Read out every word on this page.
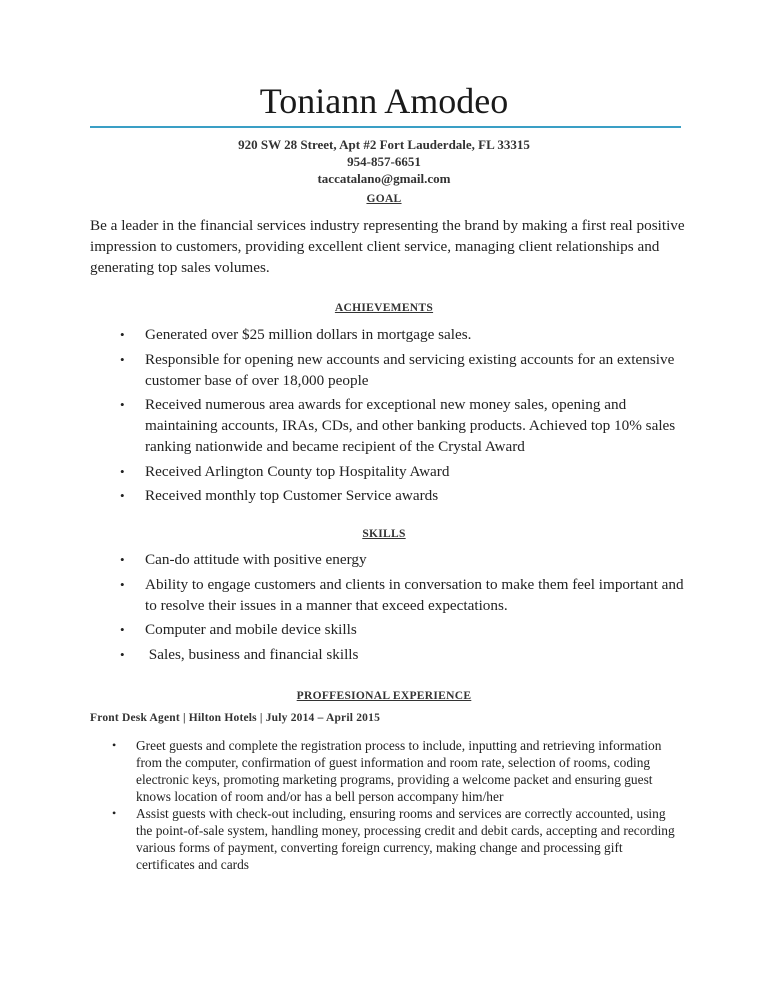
Toniann Amodeo
920 SW 28 Street, Apt #2 Fort Lauderdale, FL 33315
954-857-6651
taccatalano@gmail.com
GOAL
Be a leader in the financial services industry representing the brand by making a first real positive impression to customers, providing excellent client service, managing client relationships and generating top sales volumes.
ACHIEVEMENTS
• Generated over $25 million dollars in mortgage sales.
• Responsible for opening new accounts and servicing existing accounts for an extensive customer base of over 18,000 people
• Received numerous area awards for exceptional new money sales, opening and maintaining accounts, IRAs, CDs, and other banking products. Achieved top 10% sales ranking nationwide and became recipient of the Crystal Award
• Received Arlington County top Hospitality Award
• Received monthly top Customer Service awards
SKILLS
• Can-do attitude with positive energy
• Ability to engage customers and clients in conversation to make them feel important and to resolve their issues in a manner that exceed expectations.
• Computer and mobile device skills
• Sales, business and financial skills
PROFFESIONAL EXPERIENCE
Front Desk Agent | Hilton Hotels | July 2014 – April 2015
• Greet guests and complete the registration process to include, inputting and retrieving information from the computer, confirmation of guest information and room rate, selection of rooms, coding electronic keys, promoting marketing programs, providing a welcome packet and ensuring guest knows location of room and/or has a bell person accompany him/her
• Assist guests with check-out including, ensuring rooms and services are correctly accounted, using the point-of-sale system, handling money, processing credit and debit cards, accepting and recording various forms of payment, converting foreign currency, making change and processing gift certificates and cards
